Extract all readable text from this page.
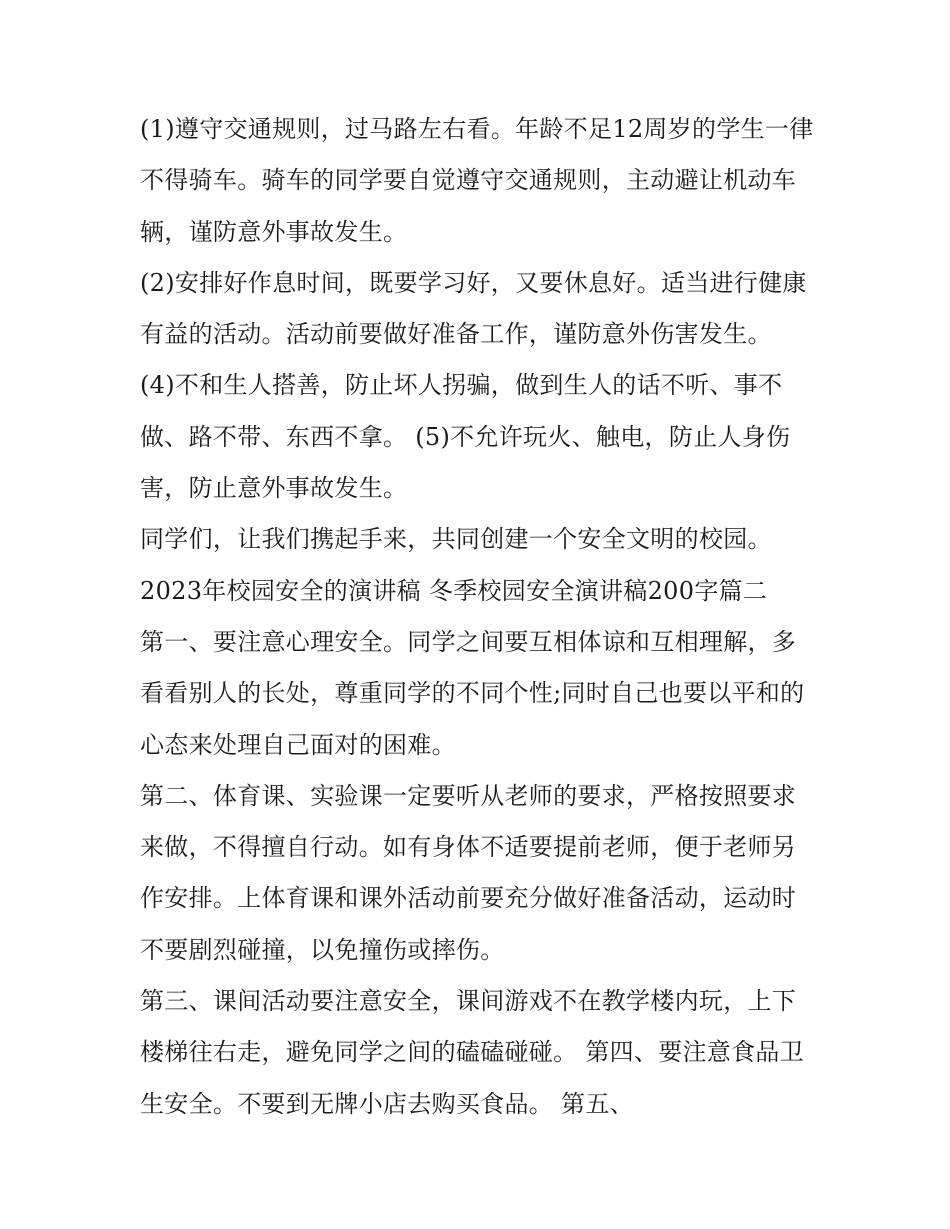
(1)遵守交通规则，过马路左右看。年龄不足12周岁的学生一律不得骑车。骑车的同学要自觉遵守交通规则，主动避让机动车辆，谨防意外事故发生。

(2)安排好作息时间，既要学习好，又要休息好。适当进行健康有益的活动。活动前要做好准备工作，谨防意外伤害发生。

(4)不和生人搭善，防止坏人拐骗，做到生人的话不听、事不做、路不带、东西不拿。 (5)不允许玩火、触电，防止人身伤害，防止意外事故发生。

同学们，让我们携起手来，共同创建一个安全文明的校园。

2023年校园安全的演讲稿 冬季校园安全演讲稿200字篇二

第一、要注意心理安全。同学之间要互相体谅和互相理解，多看看别人的长处，尊重同学的不同个性;同时自己也要以平和的心态来处理自己面对的困难。

第二、体育课、实验课一定要听从老师的要求，严格按照要求来做，不得擅自行动。如有身体不适要提前老师，便于老师另作安排。上体育课和课外活动前要充分做好准备活动，运动时不要剧烈碰撞，以免撞伤或摔伤。

第三、课间活动要注意安全，课间游戏不在教学楼内玩，上下楼梯往右走，避免同学之间的磕磕碰碰。 第四、要注意食品卫生安全。不要到无牌小店去购买食品。 第五、
